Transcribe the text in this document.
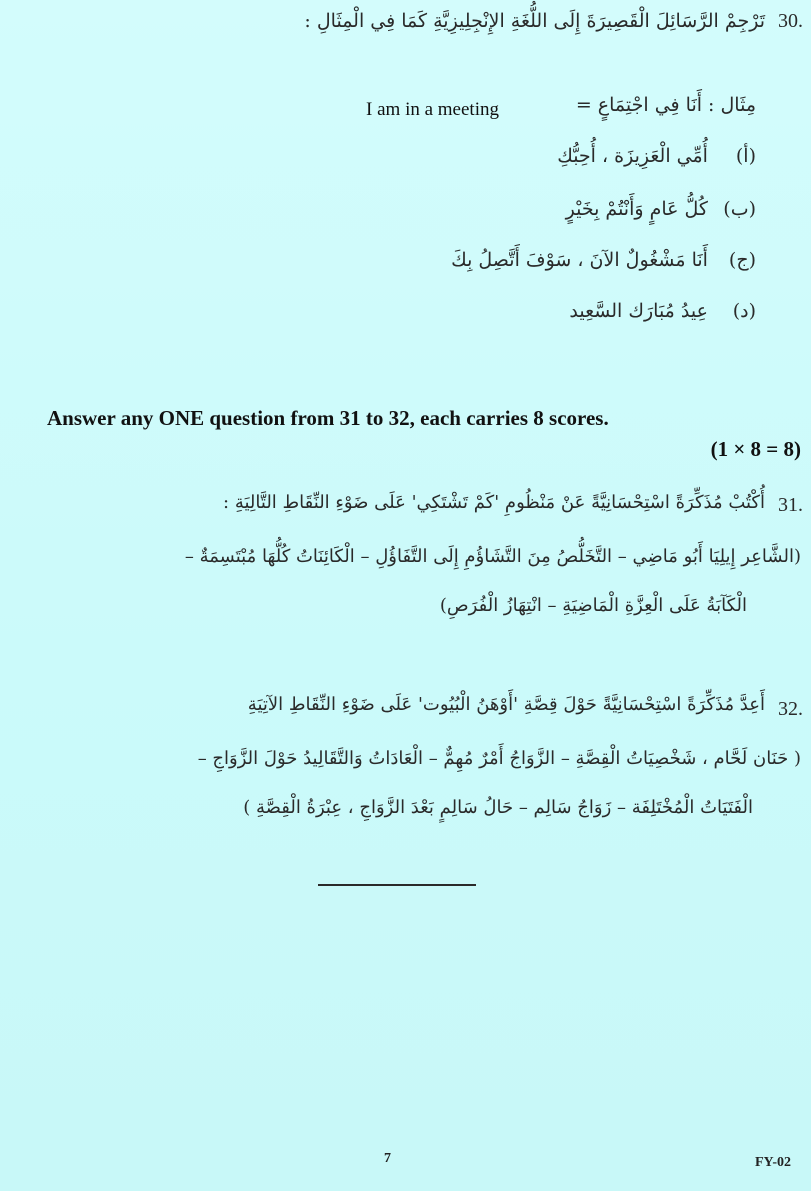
30.
تَرْجِمْ الرَّسَائِلَ الْقَصِيرَةَ إِلَى اللُّغَةِ الإِنْجِلِيزِيَّةِ كَمَا فِي الْمِثَالِ :
I am in a meeting	مِثَال : أَنَا فِي اجْتِمَاعٍ =
(أ) أُمِّي الْعَزِيزَة ، أُحِبُّكِ
(ب) كُلُّ عَامٍ وَأَنْتُمْ بِخَيْرٍ
(ج) أَنَا مَشْغُولٌ الآنَ ، سَوْفَ أَتَّصِلُ بِكَ
(د) عِيدُ مُبَارَك السَّعِيد
Answer any ONE question from 31 to 32, each carries 8 scores.
(1 × 8 = 8)
31.
أُكْتُبْ مُذَكِّرَةً اسْتِحْسَانِيَّةً عَنْ مَنْظُومِ 'كَمْ تَشْتَكِي' عَلَى ضَوْءِ النِّقَاطِ التَّالِيَةِ :
(الشَّاعِر إِيلِيَا أَبُو مَاضِي – التَّخَلُّصُ مِنَ التَّشَاؤُمِ إِلَى التَّفَاؤُلِ – الْكَائِنَاتُ كُلُّهَا مُبْتَسِمَةٌ –
الْكَآبَةُ عَلَى الْعِزَّةِ الْمَاضِيَةِ – انْتِهَازُ الْفُرَصِ)
32.
أَعِدَّ مُذَكِّرَةً اسْتِحْسَانِيَّةً حَوْلَ قِصَّةِ 'أَوْهَنُ الْبُيُوت' عَلَى ضَوْءِ النِّقَاطِ الآتِيَةِ
( حَنَان لَحَّام ، شَخْصِيَاتُ الْقِصَّةِ – الزَّوَاجُ أَمْرٌ مُهِمٌّ – الْعَادَاتُ وَالتَّقَالِيدُ حَوْلَ الزَّوَاجِ –
الْفَتَيَاتُ الْمُخْتَلِفَة – زَوَاجُ سَالِم – حَالُ سَالِمٍ بَعْدَ الزَّوَاجِ ، عِبْرَةُ الْقِصَّةِ )
7	FY-02
